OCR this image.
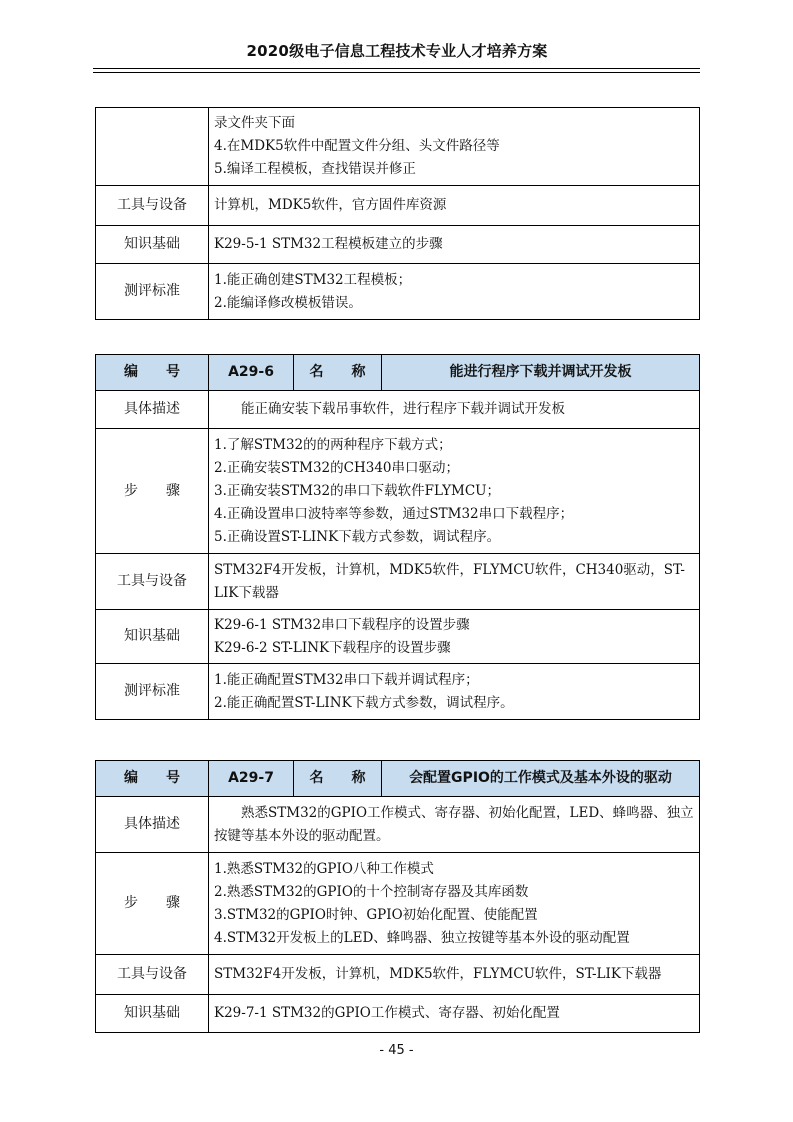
2020级电子信息工程技术专业人才培养方案

	录文件夹下面
4.在MDK5软件中配置文件分组、头文件路径等
5.编译工程模板，查找错误并修正

工具与设备	计算机，MDK5软件，官方固件库资源
知识基础	K29-5-1 STM32工程模板建立的步骤

测评标准	1.能正确创建STM32工程模板；
2.能编译修改模板错误。
编　　号	A29-6	名　　称	能进行程序下载并调试开发板
具体描述	能正确安装下载吊事软件，进行程序下载并调试开发板		
步　　骤	1.了解STM32的的两种程序下载方式；
2.正确安装STM32的CH340串口驱动；
3.正确安装STM32的串口下载软件FLYMCU；
4.正确设置串口波特率等参数，通过STM32串口下载程序；
5.正确设置ST-LINK下载方式参数，调试程序。		

工具与设备	STM32F4开发板，计算机，MDK5软件，FLYMCU软件，CH340驱动，ST-LIK下载器		
知识基础	K29-6-1 STM32串口下载程序的设置步骤
K29-6-2 ST-LINK下载程序的设置步骤		

测评标准	1.能正确配置STM32串口下载并调试程序；
2.能正确配置ST-LINK下载方式参数，调试程序。		
编　　号	A29-7	名　　称	会配置GPIO的工作模式及基本外设的驱动
具体描述	熟悉STM32的GPIO工作模式、寄存器、初始化配置，LED、蜂鸣器、独立按键等基本外设的驱动配置。		
步　　骤	1.熟悉STM32的GPIO八种工作模式
2.熟悉STM32的GPIO的十个控制寄存器及其库函数
3.STM32的GPIO时钟、GPIO初始化配置、使能配置
4.STM32开发板上的LED、蜂鸣器、独立按键等基本外设的驱动配置		

工具与设备	STM32F4开发板，计算机，MDK5软件，FLYMCU软件，ST-LIK下载器		
知识基础	K29-7-1 STM32的GPIO工作模式、寄存器、初始化配置		
- 45 -
